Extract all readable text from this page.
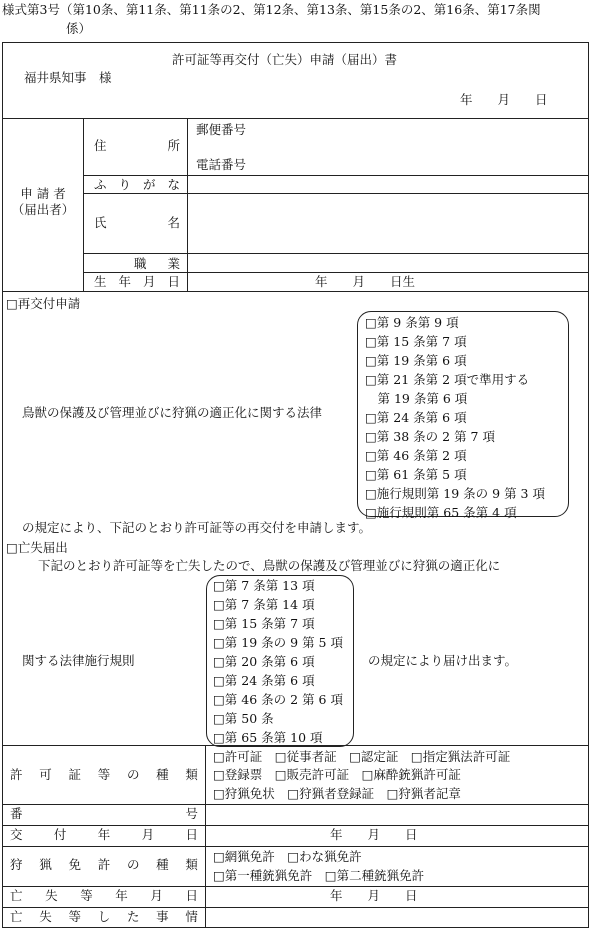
様式第3号（第10条、第11条、第11条の2、第12条、第13条、第15条の2、第16条、第17条関
係）
許可証等再交付（亡失）申請（届出）書
福井県知事　様
年　　月　　日
申 請 者
（届出者）
住	所
郵便番号
電話番号
ふ り が な
氏	名
職 業
生 年 月 日	年　　月　　日生
□再交付申請
鳥獣の保護及び管理並びに狩猟の適正化に関する法律
□第 9 条第 9 項
□第 15 条第 7 項
□第 19 条第 6 項
□第 21 条第 2 項で準用する
　第 19 条第 6 項
□第 24 条第 6 項
□第 38 条の 2 第 7 項
□第 46 条第 2 項
□第 61 条第 5 項
□施行規則第 19 条の 9 第 3 項
□施行規則第 65 条第 4 項
の規定により、下記のとおり許可証等の再交付を申請します。
□亡失届出
下記のとおり許可証等を亡失したので、鳥獣の保護及び管理並びに狩猟の適正化に
関する法律施行規則
□第 7 条第 13 項
□第 7 条第 14 項
□第 15 条第 7 項
□第 19 条の 9 第 5 項
□第 20 条第 6 項
□第 24 条第 6 項
□第 46 条の 2 第 6 項
□第 50 条
□第 65 条第 10 項
の規定により届け出ます。
許 可 証 等 の 種 類
□許可証　□従事者証　□認定証　□指定猟法許可証
□登録票　□販売許可証　□麻酔銃猟許可証
□狩猟免状　□狩猟者登録証　□狩猟者記章
番	号
交	付	年	月	日	年　　月　　日
狩 猟 免 許 の 種 類
□網猟免許　□わな猟免許
□第一種銃猟免許　□第二種銃猟免許
亡 失 等 年 月 日	年　　月　　日
亡 失 等 し た 事 情
